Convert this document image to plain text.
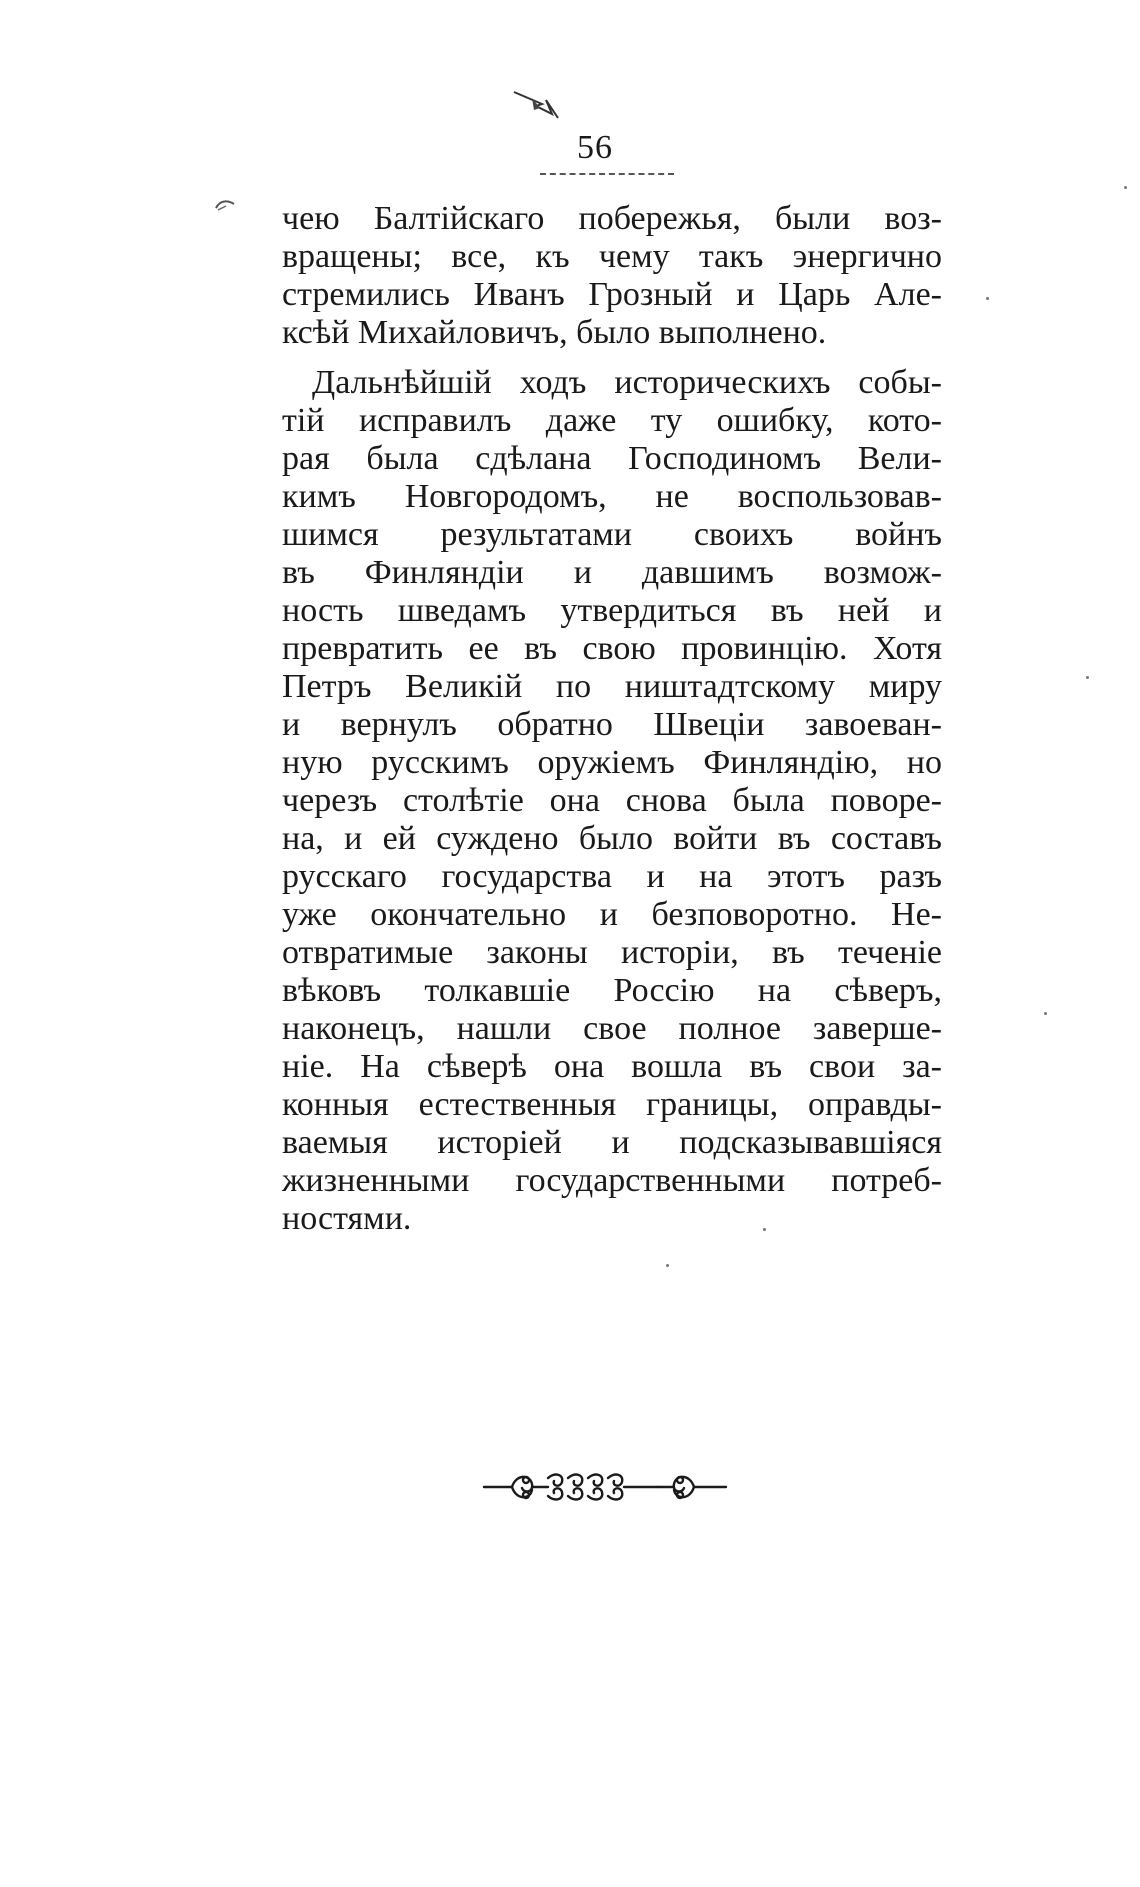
56
чею Балтійскаго побережья, были воз-
вращены; все, къ чему такъ энергично
стремились Иванъ Грозный и Царь Але-
ксѣй Михайловичъ, было выполнено.
Дальнѣйшій ходъ историческихъ собы-
тій исправилъ даже ту ошибку, кото-
рая была сдѣлана Господиномъ Вели-
кимъ Новгородомъ, не воспользовав-
шимся результатами своихъ войнъ
въ Финляндіи и давшимъ возмож-
ность шведамъ утвердиться въ ней и
превратить ее въ свою провинцію. Хотя
Петръ Великій по ништадтскому миру
и вернулъ обратно Швеціи завоеван-
ную русскимъ оружіемъ Финляндію, но
черезъ столѣтіе она снова была поворе-
на, и ей суждено было войти въ составъ
русскаго государства и на этотъ разъ
уже окончательно и безповоротно. Не-
отвратимые законы исторіи, въ теченіе
вѣковъ толкавшіе Россію на сѣверъ,
наконецъ, нашли свое полное заверше-
ніе. На сѣверѣ она вошла въ свои за-
конныя естественныя границы, оправды-
ваемыя исторіей и подсказывавшіяся
жизненными государственными потреб-
ностями.
